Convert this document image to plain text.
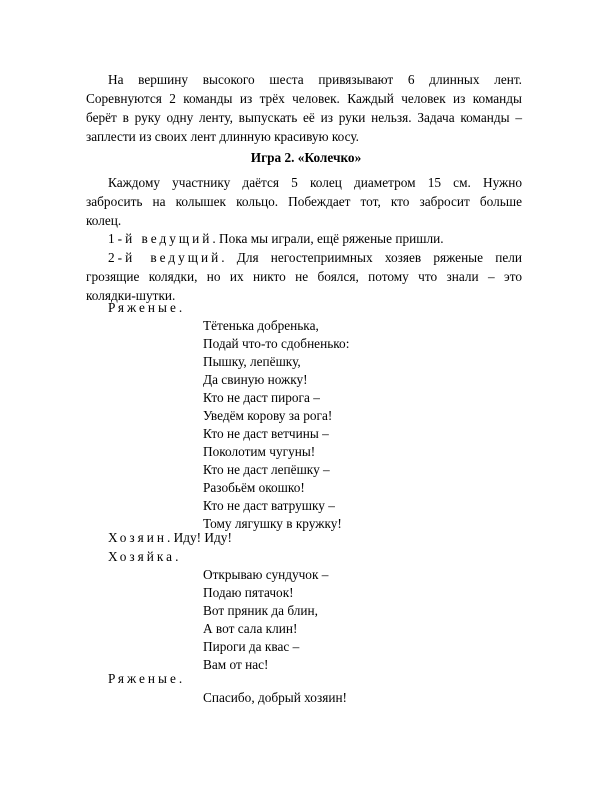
На вершину высокого шеста привязывают 6 длинных лент.
Соревнуются 2 команды из трёх человек. Каждый человек из команды
берёт в руку одну ленту, выпускать её из руки нельзя. Задача команды –
заплести из своих лент длинную красивую косу.
Игра 2. «Колечко»
Каждому участнику даётся 5 колец диаметром 15 см. Нужно
забросить на колышек кольцо. Побеждает тот, кто забросит больше
колец.
1-й ведущий. Пока мы играли, ещё ряженые пришли.
2-й ведущий. Для негостеприимных хозяев ряженые пели
грозящие колядки, но их никто не боялся, потому что знали – это
колядки-шутки.
Ряженые.
Тётенька добренька,
Подай что-то сдобненько:
Пышку, лепёшку,
Да свиную ножку!
Кто не даст пирога –
Уведём корову за рога!
Кто не даст ветчины –
Поколотим чугуны!
Кто не даст лепёшку –
Разобьём окошко!
Кто не даст ватрушку –
Тому лягушку в кружку!
Хозяин. Иду! Иду!
Хозяйка.
Открываю сундучок –
Подаю пятачок!
Вот пряник да блин,
А вот сала клин!
Пироги да квас –
Вам от нас!
Ряженые.
Спасибо, добрый хозяин!
